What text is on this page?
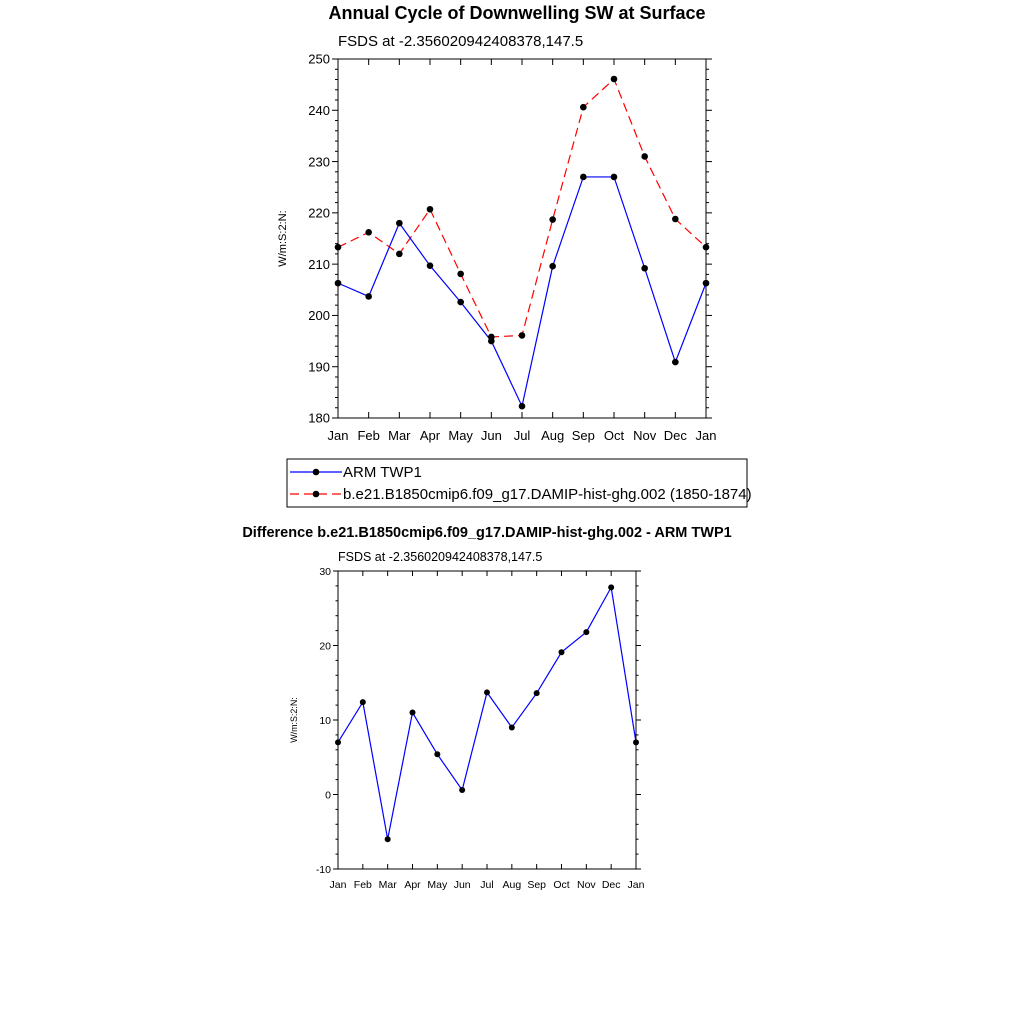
Annual Cycle of Downwelling SW at Surface
FSDS at -2.356020942408378,147.5
W/m:S:2:N:
Jan Feb Mar Apr May Jun Jul Aug Sep Oct Nov Dec Jan
180
190
200
210
220
230
240
250
ARM TWP1
b.e21.B1850cmip6.f09_g17.DAMIP-hist-ghg.002 (1850-1874)
Difference b.e21.B1850cmip6.f09_g17.DAMIP-hist-ghg.002 - ARM TWP1
FSDS at -2.356020942408378,147.5
W/m:S:2:N:
Jan Feb Mar Apr May Jun Jul Aug Sep Oct Nov Dec Jan
-10
0
10
20
30
